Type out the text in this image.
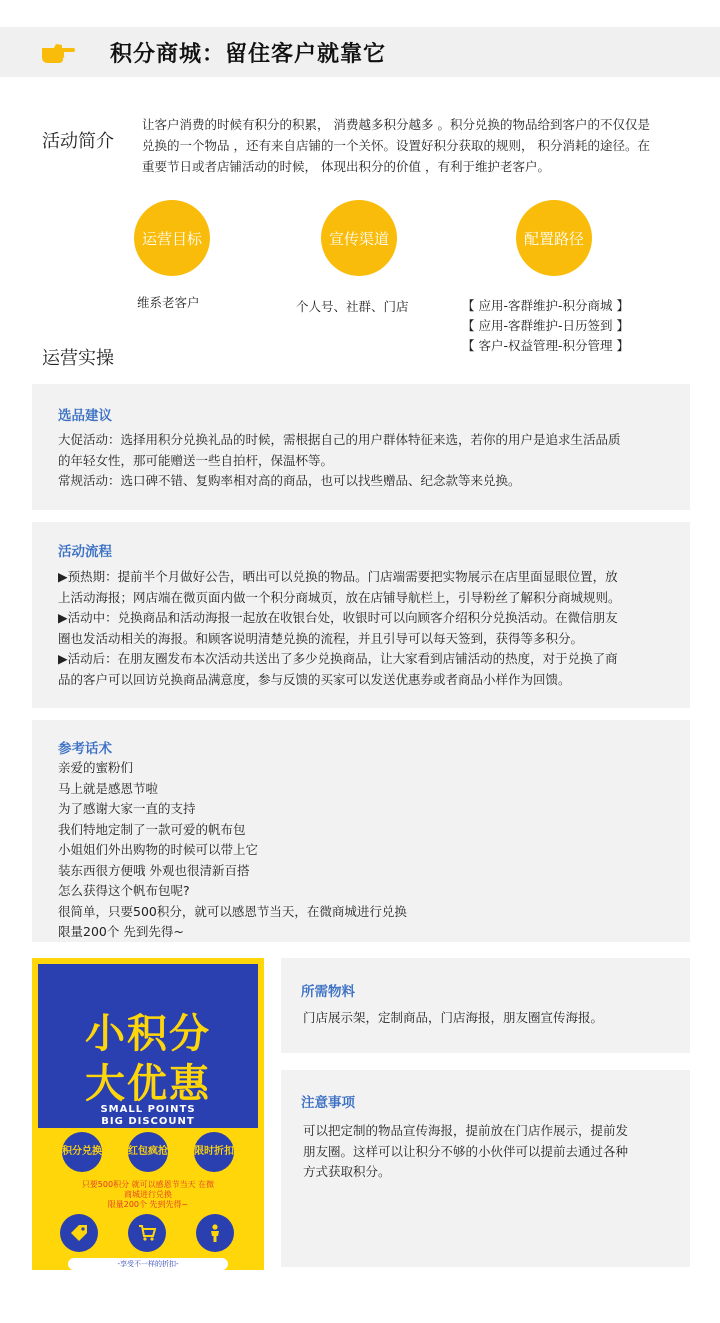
积分商城：留住客户就靠它
活动简介
让客户消费的时候有积分的积累， 消费越多积分越多 。积分兑换的物品给到客户的不仅仅是兑换的一个物品 ，还有来自店铺的一个关怀。设置好积分获取的规则， 积分消耗的途径。在重要节日或者店铺活动的时候， 体现出积分的价值 ，有利于维护老客户。
运营目标	宣传渠道	配置路径
维系老客户	个人号、社群、门店	【 应用-客群维护-积分商城 】
【 应用-客群维护-日历签到 】
【 客户-权益管理-积分管理 】
运营实操
选品建议
大促活动：选择用积分兑换礼品的时候，需根据自己的用户群体特征来选，若你的用户是追求生活品质
的年轻女性，那可能赠送一些自拍杆，保温杯等。
常规活动：选口碑不错、复购率相对高的商品，也可以找些赠品、纪念款等来兑换。
活动流程
▶预热期：提前半个月做好公告，晒出可以兑换的物品。门店端需要把实物展示在店里面显眼位置，放
上活动海报；网店端在微页面内做一个积分商城页，放在店铺导航栏上，引导粉丝了解积分商城规则。
▶活动中：兑换商品和活动海报一起放在收银台处，收银时可以向顾客介绍积分兑换活动。在微信朋友
圈也发活动相关的海报。和顾客说明清楚兑换的流程，并且引导可以每天签到，获得等多积分。
▶活动后：在朋友圈发布本次活动共送出了多少兑换商品，让大家看到店铺活动的热度，对于兑换了商
品的客户可以回访兑换商品满意度，参与反馈的买家可以发送优惠券或者商品小样作为回馈。
参考话术
亲爱的蜜粉们
马上就是感恩节啦
为了感谢大家一直的支持
我们特地定制了一款可爱的帆布包
小姐姐们外出购物的时候可以带上它
装东西很方便哦 外观也很清新百搭
怎么获得这个帆布包呢?
很简单，只要500积分，就可以感恩节当天，在微商城进行兑换
限量200个 先到先得~
小积分
大优惠
SMALL POINTS
BIG DISCOUNT
积分兑换	红包疯抢	限时折扣
只要500积分 就可以感恩节当天 在微
商城进行兑换
限量200个 先到先得~
-享受不一样的折扣-
所需物料
门店展示架，定制商品，门店海报，朋友圈宣传海报。
注意事项
可以把定制的物品宣传海报，提前放在门店作展示，提前发
朋友圈。这样可以让积分不够的小伙伴可以提前去通过各种
方式获取积分。
